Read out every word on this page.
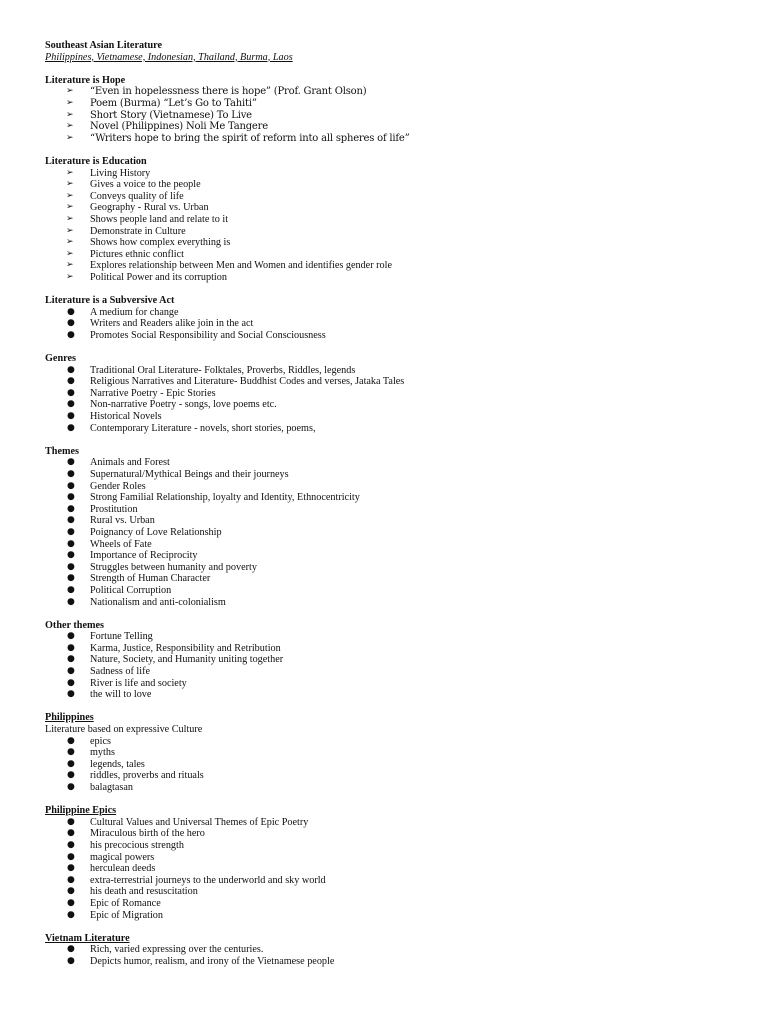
Southeast Asian Literature
Philippines, Vietnamese, Indonesian, Thailand, Burma, Laos
Literature is Hope
➢	“Even in hopelessness there is hope” (Prof. Grant Olson)
➢	Poem (Burma) “Let’s Go to Tahiti”
➢	Short Story (Vietnamese) To Live
➢	Novel (Philippines) Noli Me Tangere
➢	“Writers hope to bring the spirit of reform into all spheres of life”
Literature is Education
➢	Living History
➢	Gives a voice to the people
➢	Conveys quality of life
➢	Geography - Rural vs. Urban
➢	Shows people land and relate to it
➢	Demonstrate in Culture
➢	Shows how complex everything is
➢	Pictures ethnic conflict
➢	Explores relationship between Men and Women and identifies gender role
➢	Political Power and its corruption
Literature is a Subversive Act
●	A medium for change
●	Writers and Readers alike join in the act
●	Promotes Social Responsibility and Social Consciousness
Genres
●	Traditional Oral Literature- Folktales, Proverbs, Riddles, legends
●	Religious Narratives and Literature- Buddhist Codes and verses, Jataka Tales
●	Narrative Poetry - Epic Stories
●	Non-narrative Poetry - songs, love poems etc.
●	Historical Novels
●	Contemporary Literature - novels, short stories, poems,
Themes
●	Animals and Forest
●	Supernatural/Mythical Beings and their journeys
●	Gender Roles
●	Strong Familial Relationship, loyalty and Identity, Ethnocentricity
●	Prostitution
●	Rural vs. Urban
●	Poignancy of Love Relationship
●	Wheels of Fate
●	Importance of Reciprocity
●	Struggles between humanity and poverty
●	Strength of Human Character
●	Political Corruption
●	Nationalism and anti-colonialism
Other themes
●	Fortune Telling
●	Karma, Justice, Responsibility and Retribution
●	Nature, Society, and Humanity uniting together
●	Sadness of life
●	River is life and society
●	the will to love
Philippines
Literature based on expressive Culture
●	epics
●	myths
●	legends, tales
●	riddles, proverbs and rituals
●	balagtasan
Philippine Epics
●	Cultural Values and Universal Themes of Epic Poetry
●	Miraculous birth of the hero
●	his precocious strength
●	magical powers
●	herculean deeds
●	extra-terrestrial journeys to the underworld and sky world
●	his death and resuscitation
●	Epic of Romance
●	Epic of Migration
Vietnam Literature
●	Rich, varied expressing over the centuries.
●	Depicts humor, realism, and irony of the Vietnamese people
